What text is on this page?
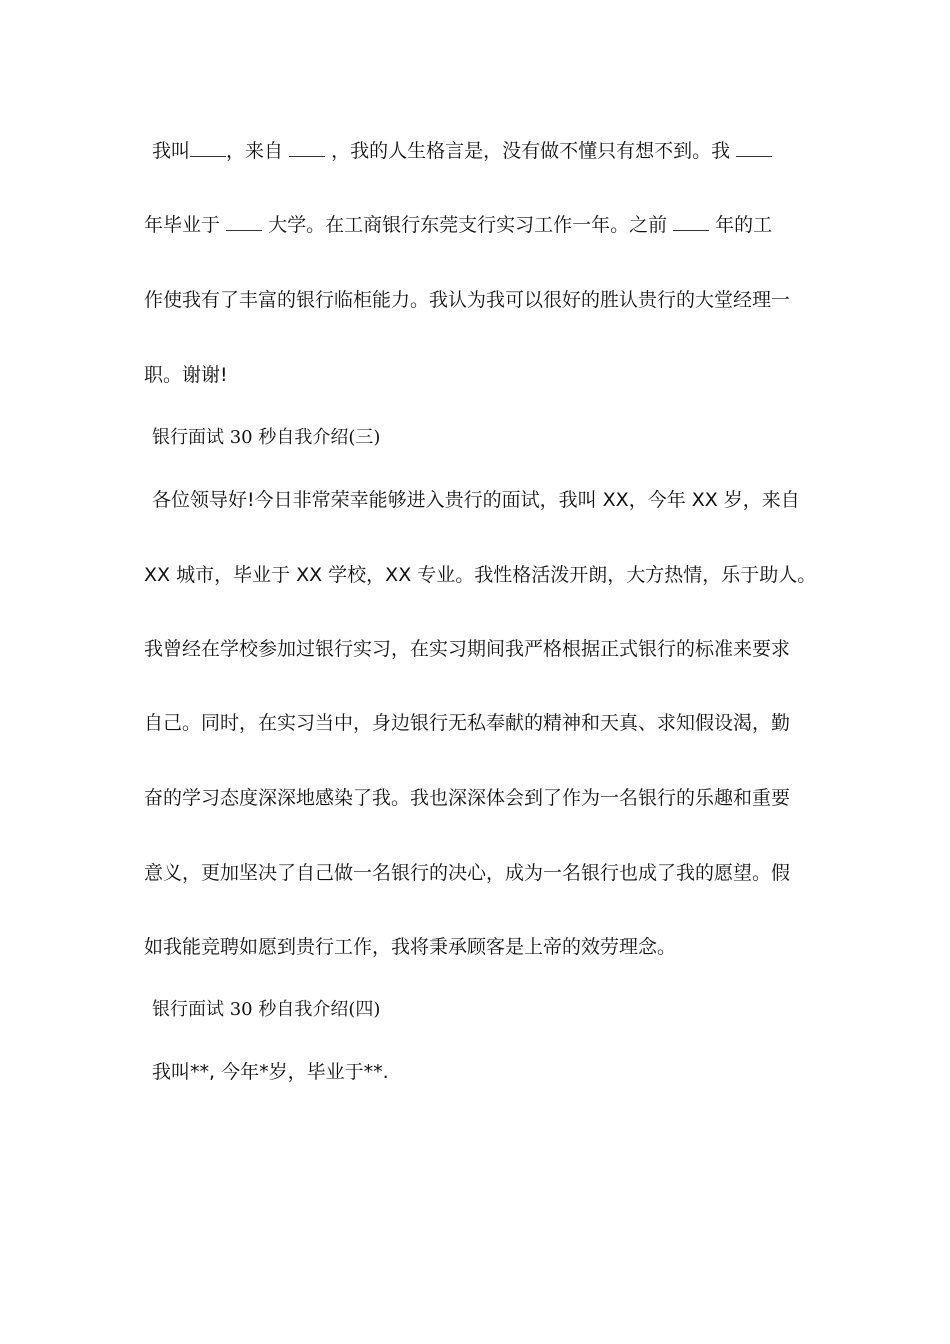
我叫 ，来自  ，我的人生格言是，没有做不懂只有想不到。我
年毕业于  大学。在工商银行东莞支行实习工作一年。之前  年的工
作使我有了丰富的银行临柜能力。我认为我可以很好的胜认贵行的大堂经理一
职。谢谢!
银行面试 30 秒自我介绍(三)
各位领导好!今日非常荣幸能够进入贵行的面试，我叫 XX，今年 XX 岁，来自
XX 城市，毕业于 XX 学校，XX 专业。我性格活泼开朗，大方热情，乐于助人。
我曾经在学校参加过银行实习，在实习期间我严格根据正式银行的标准来要求
自己。同时，在实习当中，身边银行无私奉献的精神和天真、求知假设渴，勤
奋的学习态度深深地感染了我。我也深深体会到了作为一名银行的乐趣和重要
意义，更加坚决了自己做一名银行的决心，成为一名银行也成了我的愿望。假
如我能竞聘如愿到贵行工作，我将秉承顾客是上帝的效劳理念。
银行面试 30 秒自我介绍(四)
我叫**, 今年*岁，毕业于**.
